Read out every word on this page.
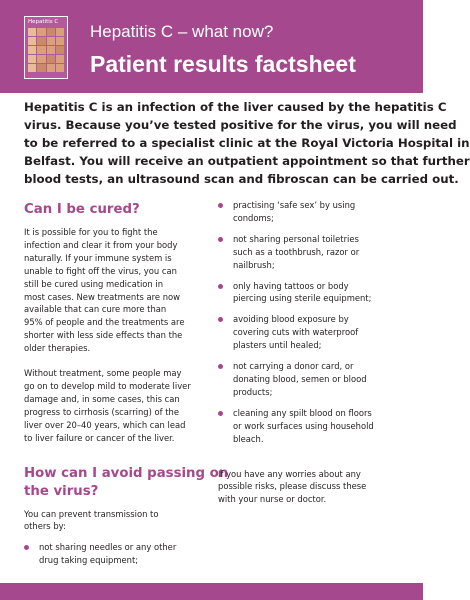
Hepatitis C Hepatitis C – what now?
Patient results factsheet
Hepatitis C is an infection of the liver caused by the hepatitis C
virus. Because you’ve tested positive for the virus, you will need
to be referred to a specialist clinic at the Royal Victoria Hospital in
Belfast. You will receive an outpatient appointment so that further
blood tests, an ultrasound scan and fibroscan can be carried out.
Can I be cured?
It is possible for you to fight the
infection and clear it from your body
naturally. If your immune system is
unable to fight off the virus, you can
still be cured using medication in
most cases. New treatments are now
available that can cure more than
95% of people and the treatments are
shorter with less side effects than the
older therapies.
Without treatment, some people may
go on to develop mild to moderate liver
damage and, in some cases, this can
progress to cirrhosis (scarring) of the
liver over 20–40 years, which can lead
to liver failure or cancer of the liver.
How can I avoid passing on
the virus?
You can prevent transmission to
others by:
not sharing needles or any other
drug taking equipment;
practising ‘safe sex’ by using
condoms;
not sharing personal toiletries
such as a toothbrush, razor or
nailbrush;
only having tattoos or body
piercing using sterile equipment;
avoiding blood exposure by
covering cuts with waterproof
plasters until healed;
not carrying a donor card, or
donating blood, semen or blood
products;
cleaning any spilt blood on floors
or work surfaces using household
bleach.
If you have any worries about any
possible risks, please discuss these
with your nurse or doctor.
